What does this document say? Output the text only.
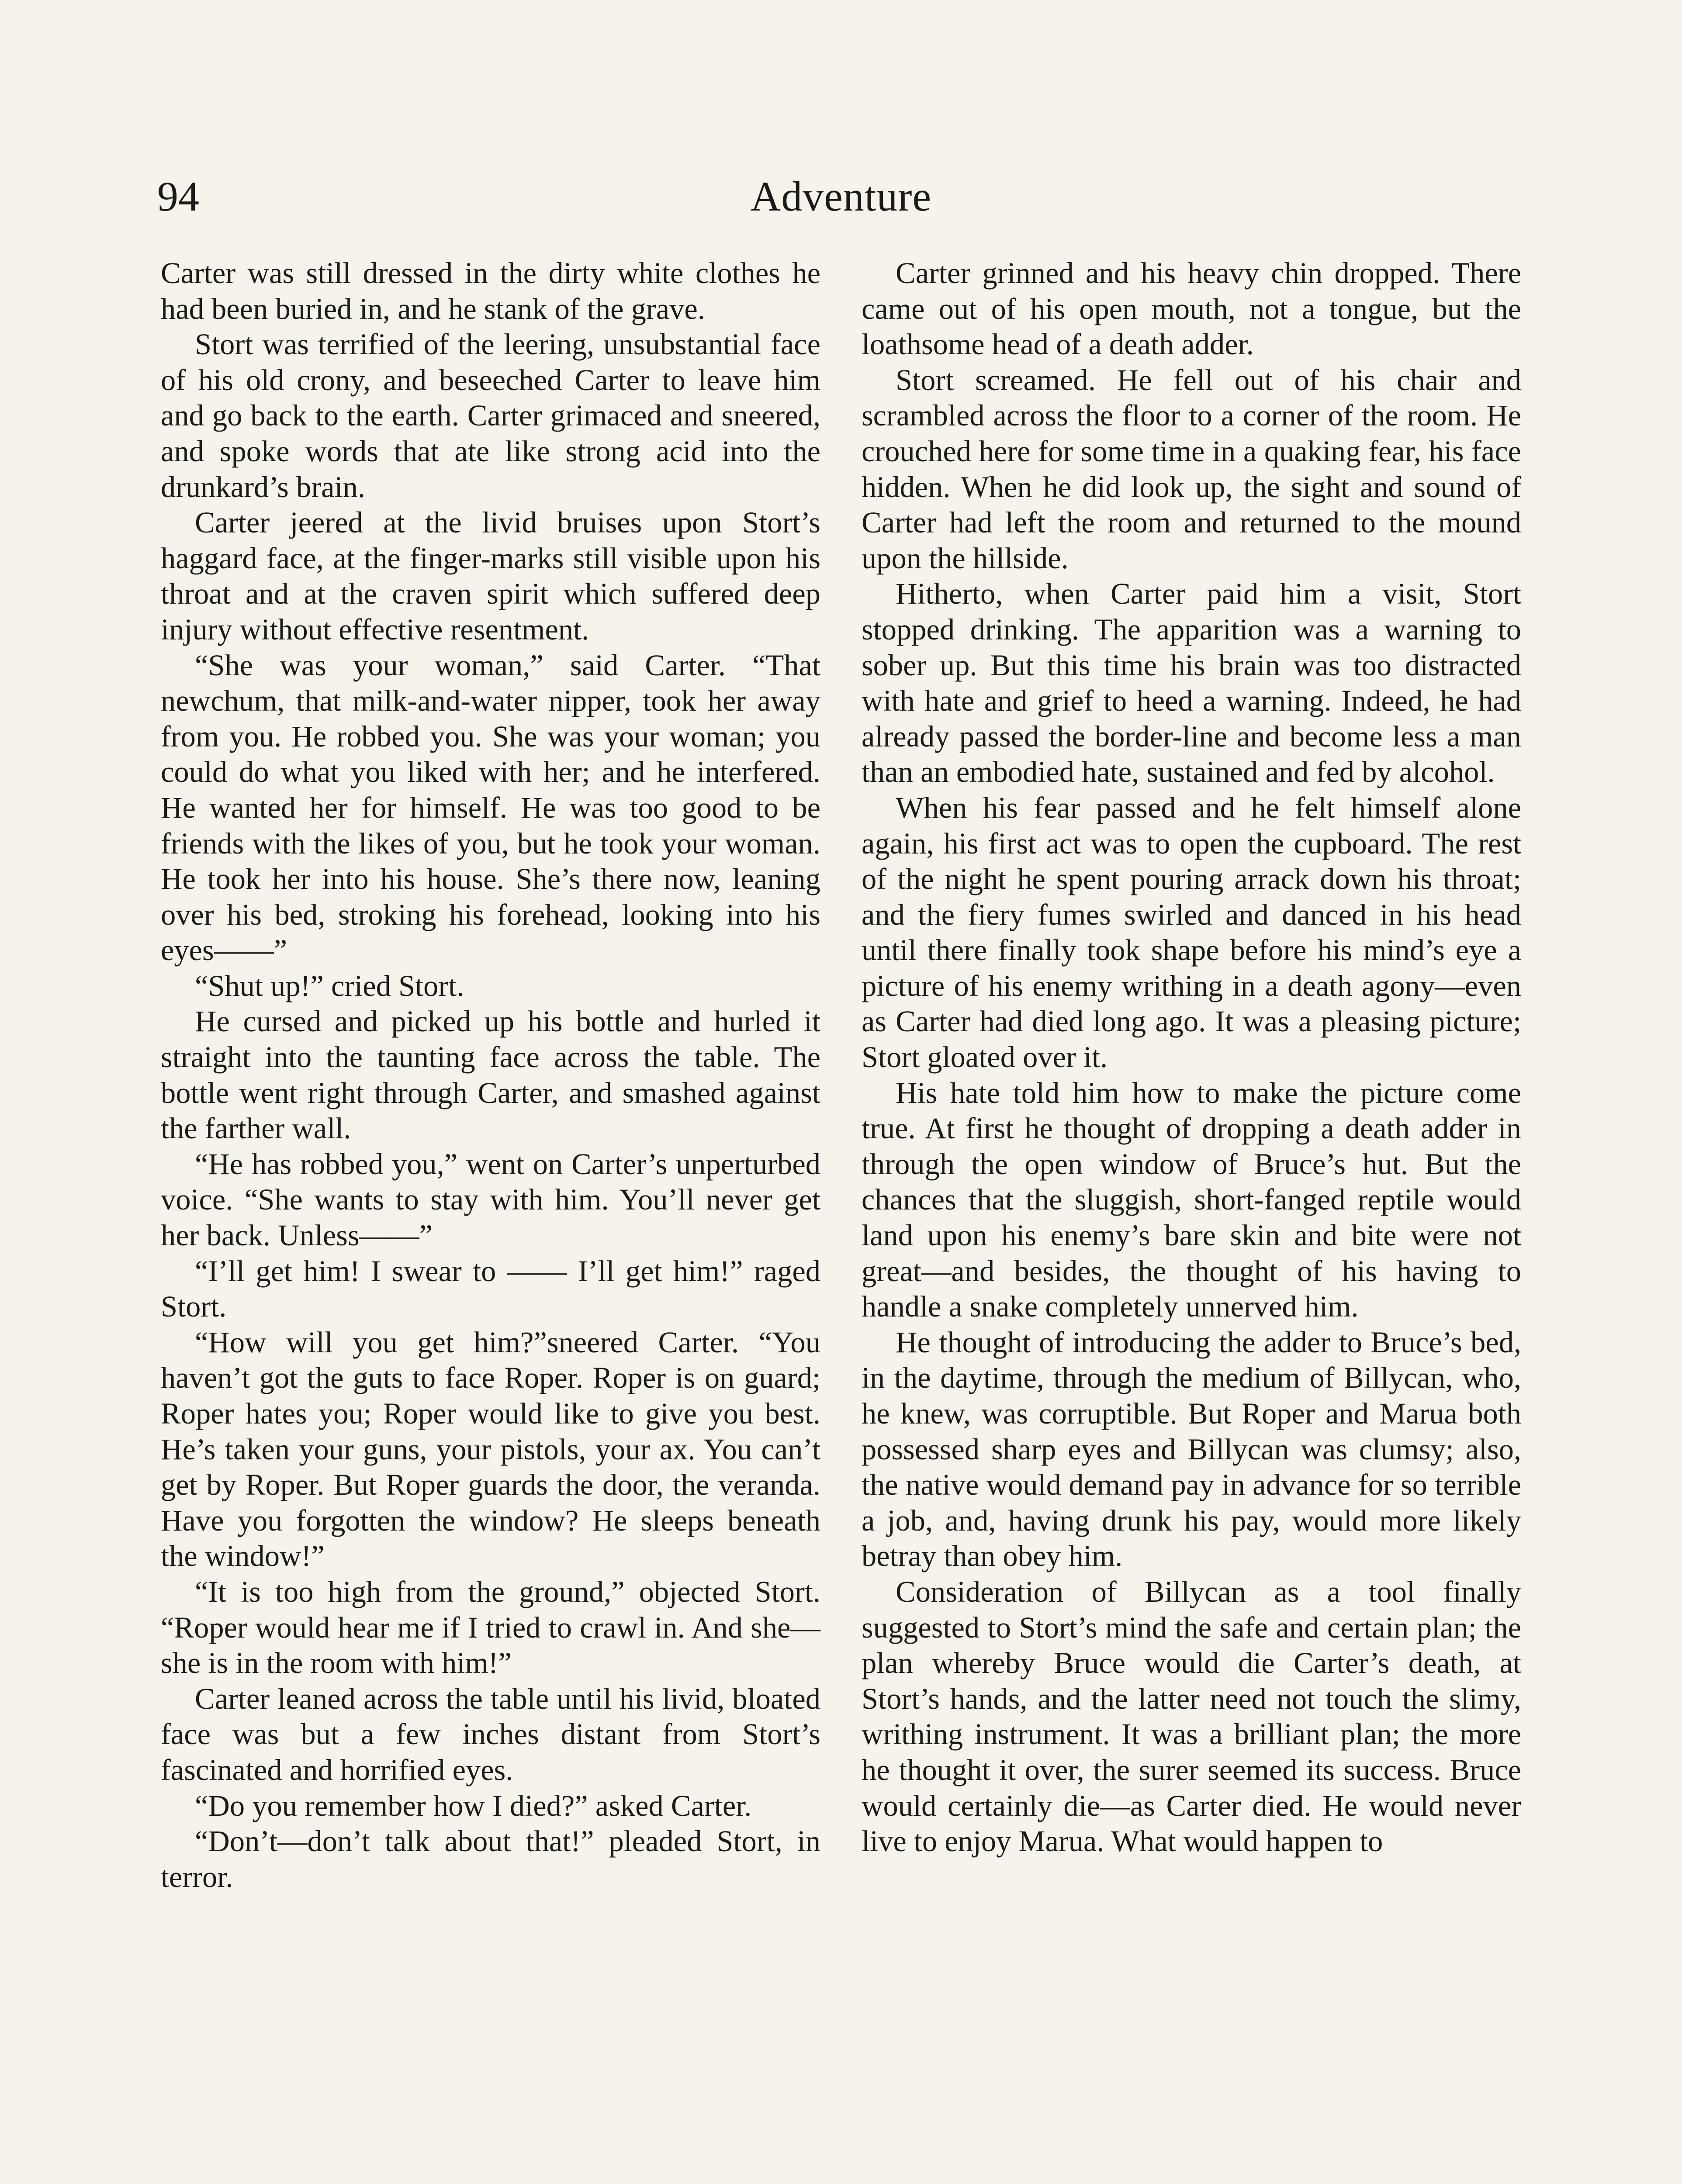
94	Adventure

Carter was still dressed in the dirty white clothes he had been buried in, and he stank of the grave.

Stort was terrified of the leering, unsubstantial face of his old crony, and beseeched Carter to leave him and go back to the earth. Carter grimaced and sneered, and spoke words that ate like strong acid into the drunkard’s brain.

Carter jeered at the livid bruises upon Stort’s haggard face, at the finger-marks still visible upon his throat and at the craven spirit which suffered deep injury without effective resentment.

“She was your woman,” said Carter. “That newchum, that milk-and-water nipper, took her away from you. He robbed you. She was your woman; you could do what you liked with her; and he interfered. He wanted her for himself. He was too good to be friends with the likes of you, but he took your woman. He took her into his house. She’s there now, leaning over his bed, stroking his forehead, looking into his eyes——”

“Shut up!” cried Stort.

He cursed and picked up his bottle and hurled it straight into the taunting face across the table. The bottle went right through Carter, and smashed against the farther wall.

“He has robbed you,” went on Carter’s unperturbed voice. “She wants to stay with him. You’ll never get her back. Unless——”

“I’ll get him! I swear to —— I’ll get him!” raged Stort.

“How will you get him?”sneered Carter. “You haven’t got the guts to face Roper. Roper is on guard; Roper hates you; Roper would like to give you best. He’s taken your guns, your pistols, your ax. You can’t get by Roper. But Roper guards the door, the veranda. Have you forgotten the window? He sleeps beneath the window!”

“It is too high from the ground,” objected Stort. “Roper would hear me if I tried to crawl in. And she—she is in the room with him!”

Carter leaned across the table until his livid, bloated face was but a few inches distant from Stort’s fascinated and horrified eyes.

“Do you remember how I died?” asked Carter.

“Don’t—don’t talk about that!” pleaded Stort, in terror.

Carter grinned and his heavy chin dropped. There came out of his open mouth, not a tongue, but the loathsome head of a death adder.

Stort screamed. He fell out of his chair and scrambled across the floor to a corner of the room. He crouched here for some time in a quaking fear, his face hidden. When he did look up, the sight and sound of Carter had left the room and returned to the mound upon the hillside.

Hitherto, when Carter paid him a visit, Stort stopped drinking. The apparition was a warning to sober up. But this time his brain was too distracted with hate and grief to heed a warning. Indeed, he had already passed the border-line and become less a man than an embodied hate, sustained and fed by alcohol.

When his fear passed and he felt himself alone again, his first act was to open the cupboard. The rest of the night he spent pouring arrack down his throat; and the fiery fumes swirled and danced in his head until there finally took shape before his mind’s eye a picture of his enemy writhing in a death agony—even as Carter had died long ago. It was a pleasing picture; Stort gloated over it.

His hate told him how to make the picture come true. At first he thought of dropping a death adder in through the open window of Bruce’s hut. But the chances that the sluggish, short-fanged reptile would land upon his enemy’s bare skin and bite were not great—and besides, the thought of his having to handle a snake completely unnerved him.

He thought of introducing the adder to Bruce’s bed, in the daytime, through the medium of Billycan, who, he knew, was corruptible. But Roper and Marua both possessed sharp eyes and Billycan was clumsy; also, the native would demand pay in advance for so terrible a job, and, having drunk his pay, would more likely betray than obey him.

Consideration of Billycan as a tool finally suggested to Stort’s mind the safe and certain plan; the plan whereby Bruce would die Carter’s death, at Stort’s hands, and the latter need not touch the slimy, writhing instrument. It was a brilliant plan; the more he thought it over, the surer seemed its success. Bruce would certainly die—as Carter died. He would never live to enjoy Marua. What would happen to
